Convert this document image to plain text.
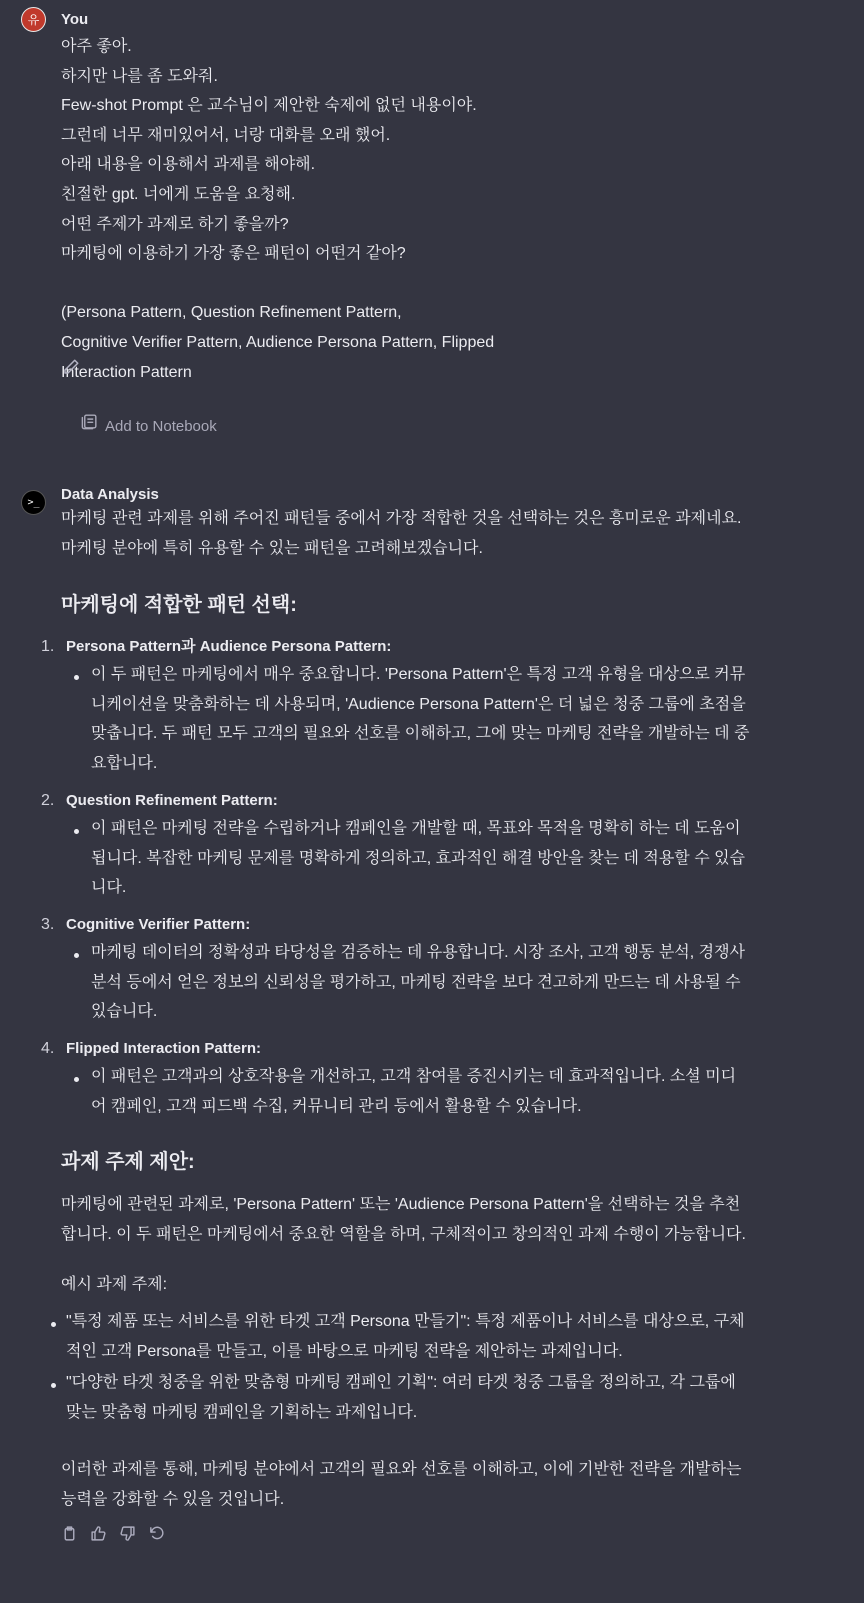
유	You
아주 좋아.
하지만 나를 좀 도와줘.
Few-shot Prompt 은 교수님이 제안한 숙제에 없던 내용이야.
그런데 너무 재미있어서, 너랑 대화를 오래 했어.
아래 내용을 이용해서 과제를 해야해.
친절한 gpt. 너에게 도움을 요청해.
어떤 주제가 과제로 하기 좋을까?
마케팅에 이용하기 가장 좋은 패턴이 어떤거 같아?
(Persona Pattern, Question Refinement Pattern,
Cognitive Verifier Pattern, Audience Persona Pattern, Flipped
Interaction Pattern
Add to Notebook
>_	Data Analysis
마케팅 관련 과제를 위해 주어진 패턴들 중에서 가장 적합한 것을 선택하는 것은 흥미로운 과제네요.
마케팅 분야에 특히 유용할 수 있는 패턴을 고려해보겠습니다.
마케팅에 적합한 패턴 선택:
1. Persona Pattern과 Audience Persona Pattern:
이 두 패턴은 마케팅에서 매우 중요합니다. 'Persona Pattern'은 특정 고객 유형을 대상으로 커뮤
니케이션을 맞춤화하는 데 사용되며, 'Audience Persona Pattern'은 더 넓은 청중 그룹에 초점을
맞춥니다. 두 패턴 모두 고객의 필요와 선호를 이해하고, 그에 맞는 마케팅 전략을 개발하는 데 중
요합니다.
2. Question Refinement Pattern:
이 패턴은 마케팅 전략을 수립하거나 캠페인을 개발할 때, 목표와 목적을 명확히 하는 데 도움이
됩니다. 복잡한 마케팅 문제를 명확하게 정의하고, 효과적인 해결 방안을 찾는 데 적용할 수 있습
니다.
3. Cognitive Verifier Pattern:
마케팅 데이터의 정확성과 타당성을 검증하는 데 유용합니다. 시장 조사, 고객 행동 분석, 경쟁사
분석 등에서 얻은 정보의 신뢰성을 평가하고, 마케팅 전략을 보다 견고하게 만드는 데 사용될 수
있습니다.
4. Flipped Interaction Pattern:
이 패턴은 고객과의 상호작용을 개선하고, 고객 참여를 증진시키는 데 효과적입니다. 소셜 미디
어 캠페인, 고객 피드백 수집, 커뮤니티 관리 등에서 활용할 수 있습니다.
과제 주제 제안:
마케팅에 관련된 과제로, 'Persona Pattern' 또는 'Audience Persona Pattern'을 선택하는 것을 추천
합니다. 이 두 패턴은 마케팅에서 중요한 역할을 하며, 구체적이고 창의적인 과제 수행이 가능합니다.
예시 과제 주제:
"특정 제품 또는 서비스를 위한 타겟 고객 Persona 만들기": 특정 제품이나 서비스를 대상으로, 구체
적인 고객 Persona를 만들고, 이를 바탕으로 마케팅 전략을 제안하는 과제입니다.
"다양한 타겟 청중을 위한 맞춤형 마케팅 캠페인 기획": 여러 타겟 청중 그룹을 정의하고, 각 그룹에
맞는 맞춤형 마케팅 캠페인을 기획하는 과제입니다.
이러한 과제를 통해, 마케팅 분야에서 고객의 필요와 선호를 이해하고, 이에 기반한 전략을 개발하는
능력을 강화할 수 있을 것입니다.
